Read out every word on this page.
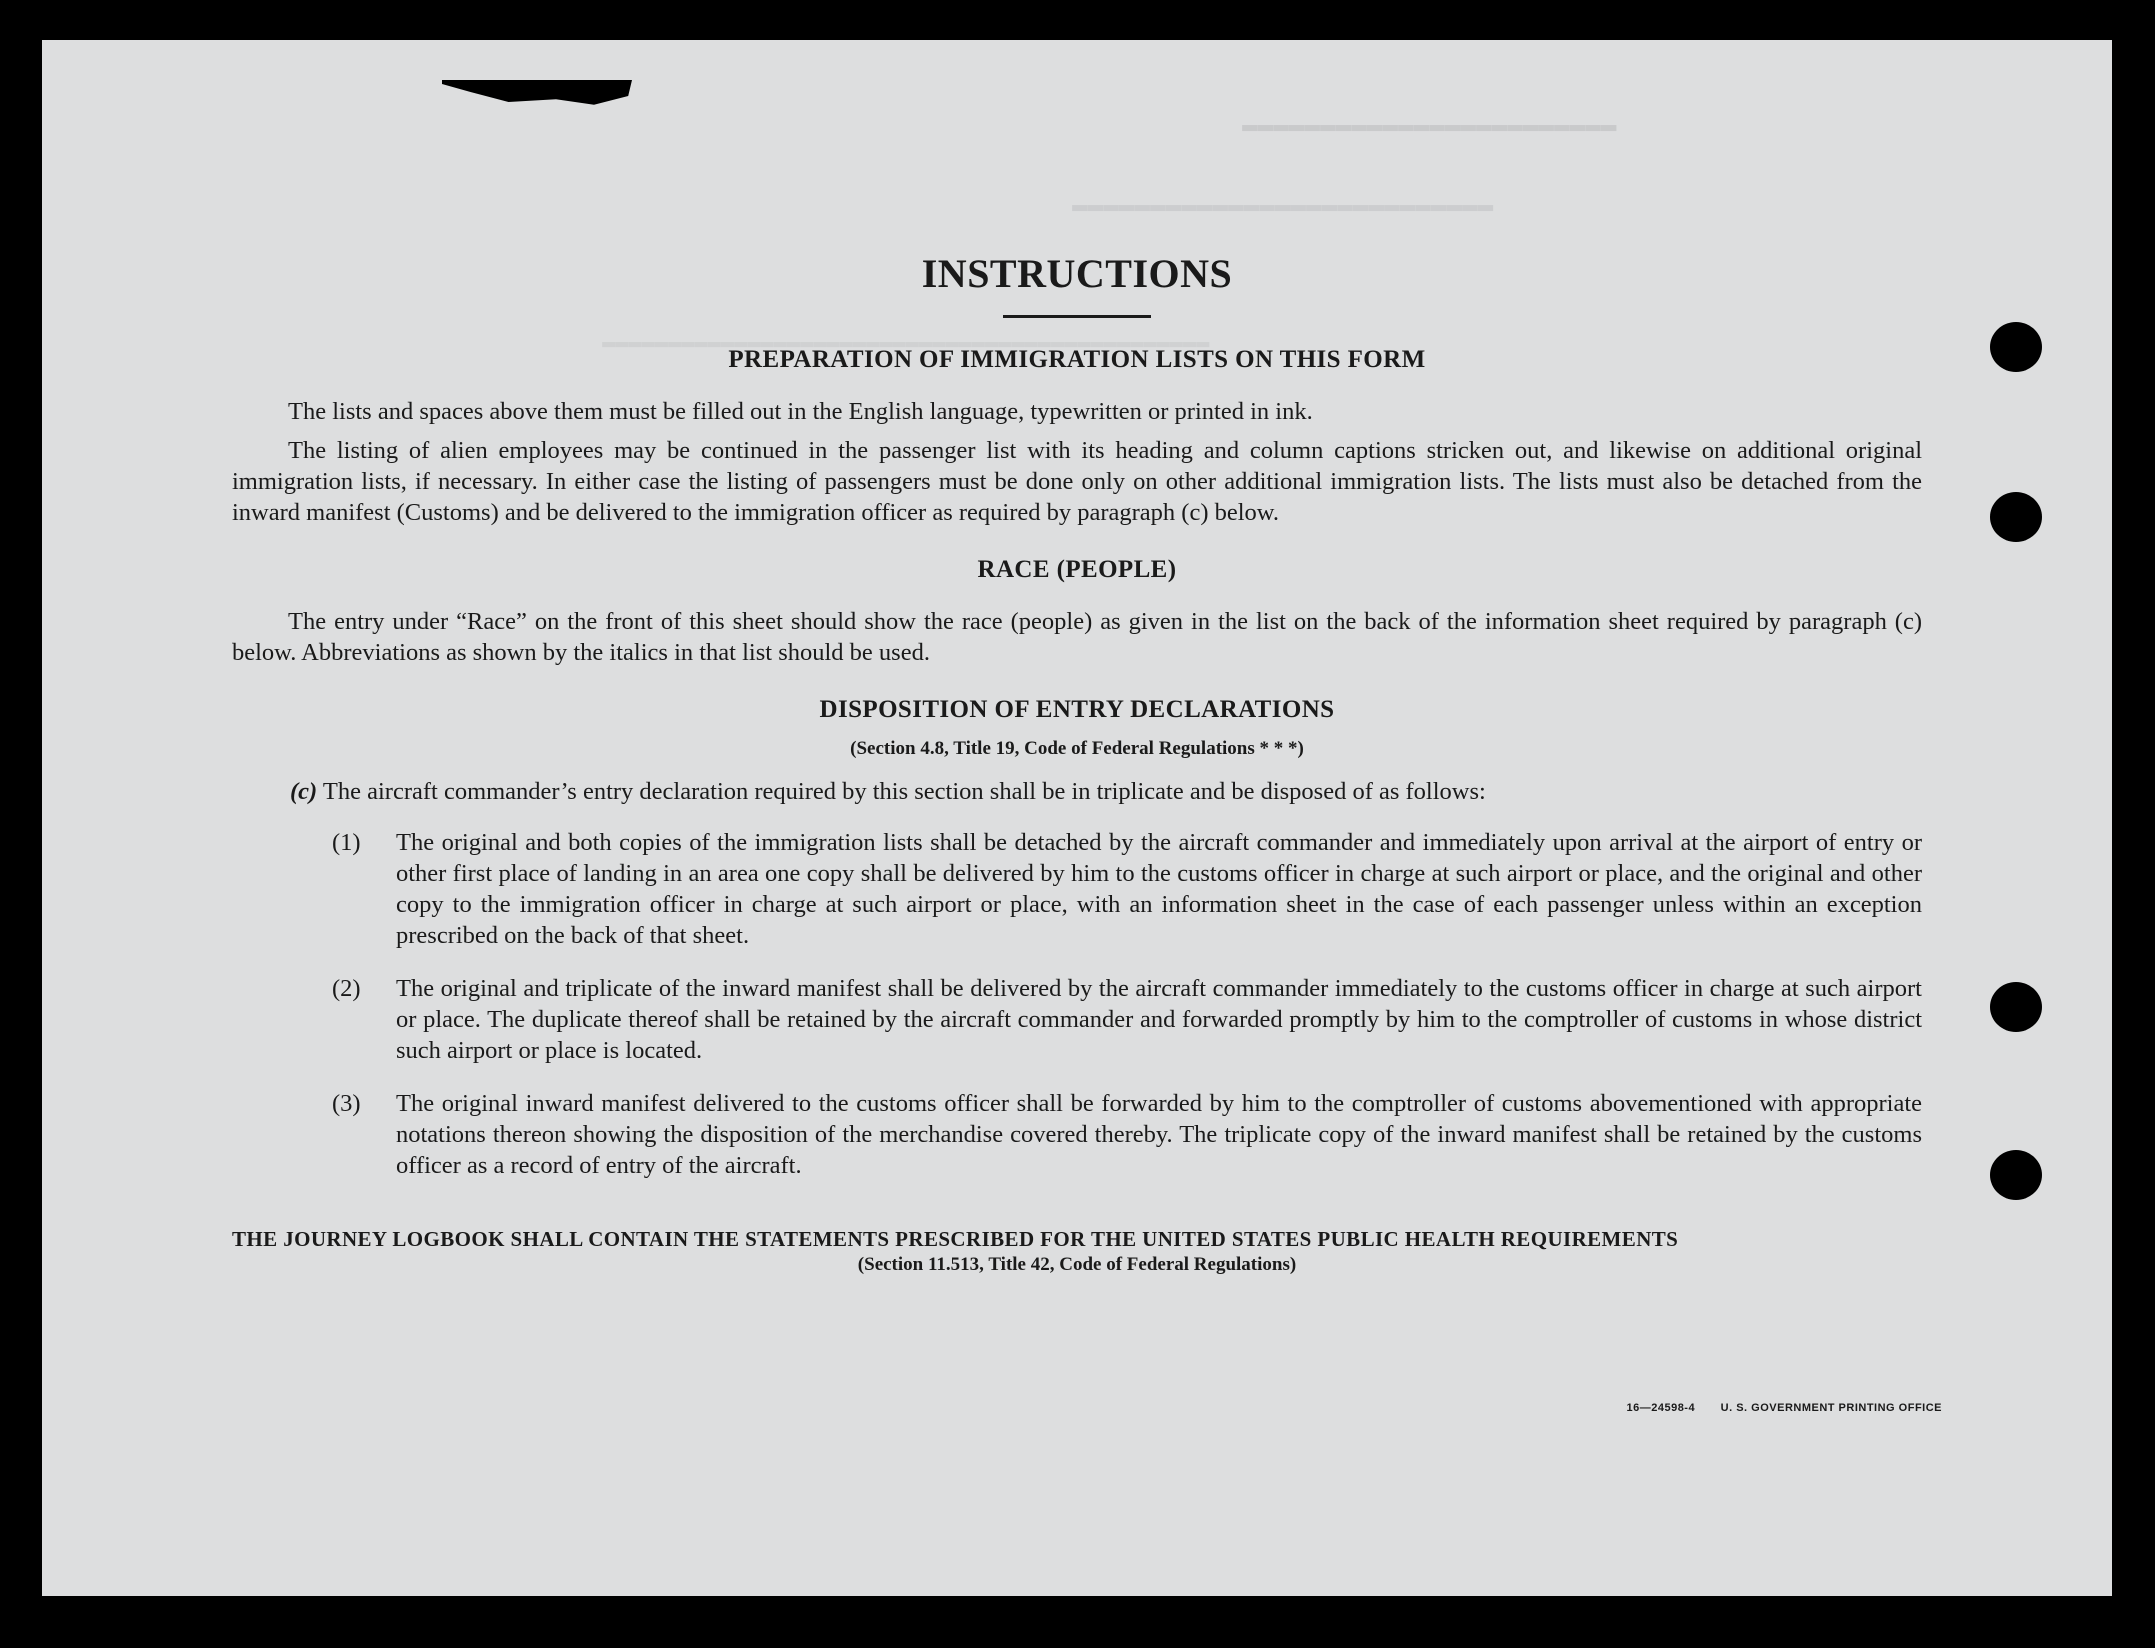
▬▬▬▬▬▬▬▬▬▬▬▬▬▬▬▬▬▬▬▬▬▬▬▬
▬▬▬▬▬▬▬▬▬▬▬▬▬▬▬▬▬▬▬▬▬▬▬▬▬▬▬
▬▬▬▬▬▬▬▬▬▬▬▬▬▬▬▬▬▬▬▬▬▬▬▬▬▬▬▬▬▬▬▬▬▬▬▬▬▬▬▬▬▬▬▬▬▬
INSTRUCTIONS
PREPARATION OF IMMIGRATION LISTS ON THIS FORM

The lists and spaces above them must be filled out in the English language, typewritten or printed in ink.

The listing of alien employees may be continued in the passenger list with its heading and column captions stricken out, and likewise on additional original immigration lists, if necessary. In either case the listing of passengers must be done only on other additional immigration lists. The lists must also be detached from the inward manifest (Customs) and be delivered to the immigration officer as required by paragraph (c) below.

RACE (PEOPLE)

The entry under “Race” on the front of this sheet should show the race (people) as given in the list on the back of the information sheet required by paragraph (c) below. Abbreviations as shown by the italics in that list should be used.

DISPOSITION OF ENTRY DECLARATIONS
(Section 4.8, Title 19, Code of Federal Regulations * * *)

(c) The aircraft commander’s entry declaration required by this section shall be in triplicate and be disposed of as follows:

(1) The original and both copies of the immigration lists shall be detached by the aircraft commander and immediately upon arrival at the airport of entry or other first place of landing in an area one copy shall be delivered by him to the customs officer in charge at such airport or place, and the original and other copy to the immigration officer in charge at such airport or place, with an information sheet in the case of each passenger unless within an exception prescribed on the back of that sheet.
(2) The original and triplicate of the inward manifest shall be delivered by the aircraft commander immediately to the customs officer in charge at such airport or place. The duplicate thereof shall be retained by the aircraft commander and forwarded promptly by him to the comptroller of customs in whose district such airport or place is located.
(3) The original inward manifest delivered to the customs officer shall be forwarded by him to the comptroller of customs abovementioned with appropriate notations thereon showing the disposition of the merchandise covered thereby. The triplicate copy of the inward manifest shall be retained by the customs officer as a record of entry of the aircraft.
THE JOURNEY LOGBOOK SHALL CONTAIN THE STATEMENTS PRESCRIBED FOR THE UNITED STATES PUBLIC HEALTH REQUIREMENTS
(Section 11.513, Title 42, Code of Federal Regulations)
16—24598-4 U. S. GOVERNMENT PRINTING OFFICE
